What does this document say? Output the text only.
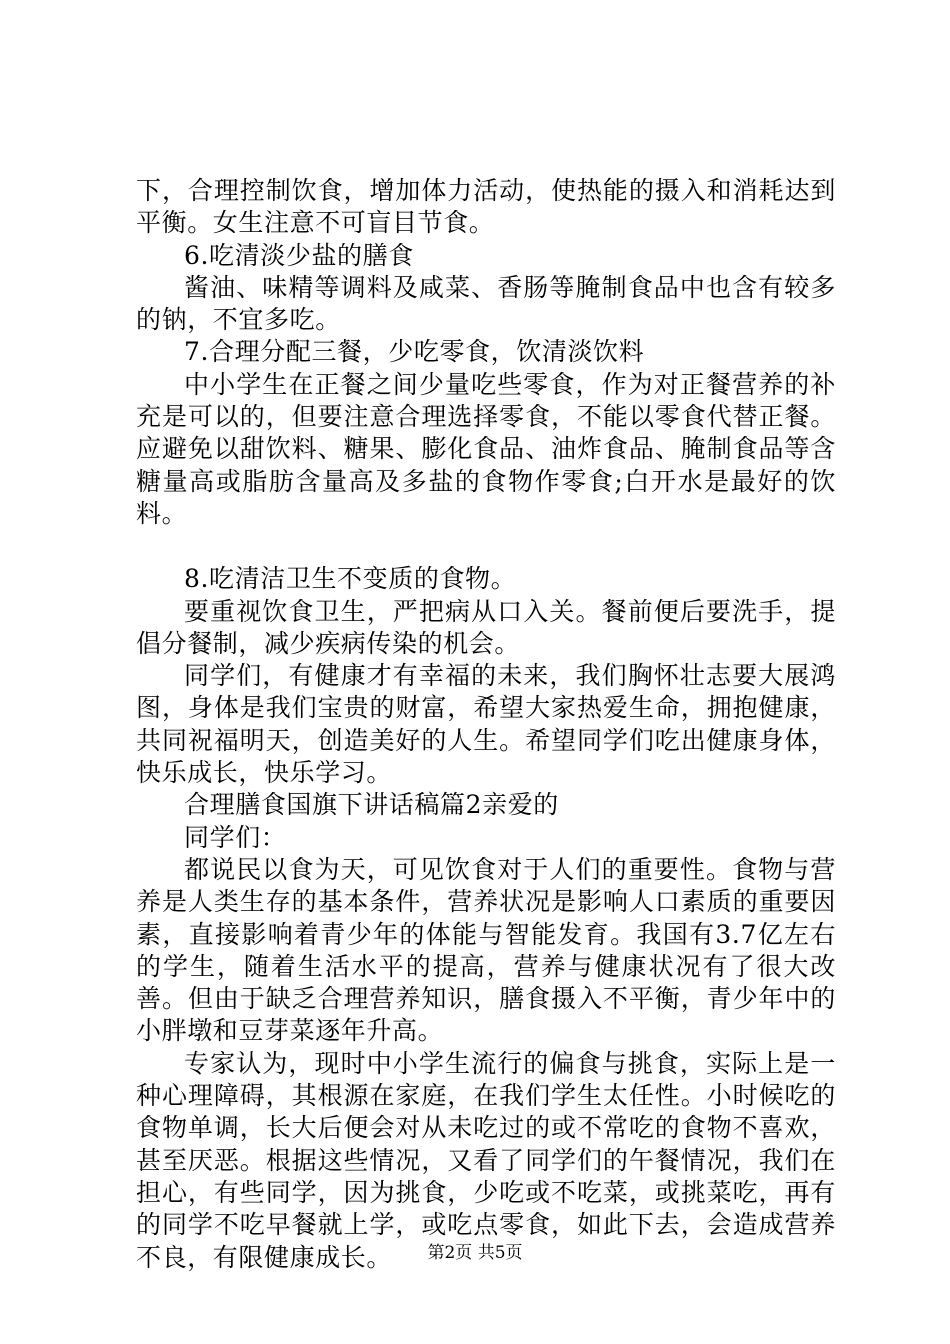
下，合理控制饮食，增加体力活动，使热能的摄入和消耗达到平衡。女生注意不可盲目节食。

6.吃清淡少盐的膳食

酱油、味精等调料及咸菜、香肠等腌制食品中也含有较多的钠，不宜多吃。

7.合理分配三餐，少吃零食，饮清淡饮料

中小学生在正餐之间少量吃些零食，作为对正餐营养的补充是可以的，但要注意合理选择零食，不能以零食代替正餐。应避免以甜饮料、糖果、膨化食品、油炸食品、腌制食品等含糖量高或脂肪含量高及多盐的食物作零食;白开水是最好的饮料。

8.吃清洁卫生不变质的食物。

要重视饮食卫生，严把病从口入关。餐前便后要洗手，提倡分餐制，减少疾病传染的机会。

同学们，有健康才有幸福的未来，我们胸怀壮志要大展鸿图，身体是我们宝贵的财富，希望大家热爱生命，拥抱健康，共同祝福明天，创造美好的人生。希望同学们吃出健康身体，快乐成长，快乐学习。

合理膳食国旗下讲话稿篇2亲爱的

同学们：

都说民以食为天，可见饮食对于人们的重要性。食物与营养是人类生存的基本条件，营养状况是影响人口素质的重要因素，直接影响着青少年的体能与智能发育。我国有3.7亿左右的学生，随着生活水平的提高，营养与健康状况有了很大改善。但由于缺乏合理营养知识，膳食摄入不平衡，青少年中的小胖墩和豆芽菜逐年升高。

专家认为，现时中小学生流行的偏食与挑食，实际上是一种心理障碍，其根源在家庭，在我们学生太任性。小时候吃的食物单调，长大后便会对从未吃过的或不常吃的食物不喜欢，甚至厌恶。根据这些情况，又看了同学们的午餐情况，我们在担心，有些同学，因为挑食，少吃或不吃菜，或挑菜吃，再有的同学不吃早餐就上学，或吃点零食，如此下去，会造成营养不良，有限健康成长。	第2页 共5页
